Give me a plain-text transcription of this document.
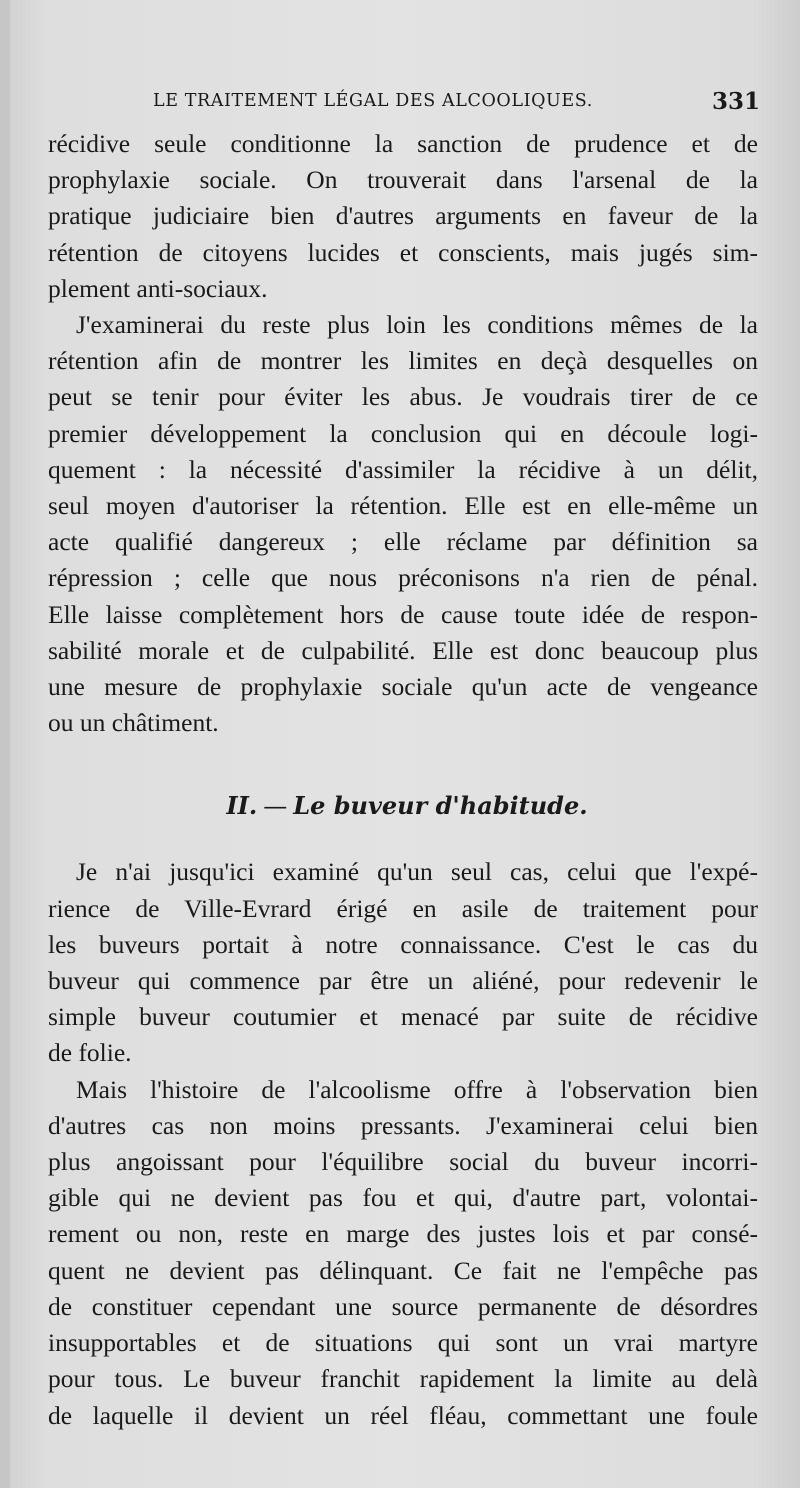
LE TRAITEMENT LÉGAL DES ALCOOLIQUES.	331

récidive seule conditionne la sanction de prudence et de

prophylaxie sociale. On trouverait dans l'arsenal de la

pratique judiciaire bien d'autres arguments en faveur de la

rétention de citoyens lucides et conscients, mais jugés sim-

plement anti-sociaux.

J'examinerai du reste plus loin les conditions mêmes de la

rétention afin de montrer les limites en deçà desquelles on

peut se tenir pour éviter les abus. Je voudrais tirer de ce

premier développement la conclusion qui en découle logi-

quement : la nécessité d'assimiler la récidive à un délit,

seul moyen d'autoriser la rétention. Elle est en elle-même un

acte qualifié dangereux ; elle réclame par définition sa

répression ; celle que nous préconisons n'a rien de pénal.

Elle laisse complètement hors de cause toute idée de respon-

sabilité morale et de culpabilité. Elle est donc beaucoup plus

une mesure de prophylaxie sociale qu'un acte de vengeance

ou un châtiment.

II. — Le buveur d'habitude.

Je n'ai jusqu'ici examiné qu'un seul cas, celui que l'expé-

rience de Ville-Evrard érigé en asile de traitement pour

les buveurs portait à notre connaissance. C'est le cas du

buveur qui commence par être un aliéné, pour redevenir le

simple buveur coutumier et menacé par suite de récidive

de folie.

Mais l'histoire de l'alcoolisme offre à l'observation bien

d'autres cas non moins pressants. J'examinerai celui bien

plus angoissant pour l'équilibre social du buveur incorri-

gible qui ne devient pas fou et qui, d'autre part, volontai-

rement ou non, reste en marge des justes lois et par consé-

quent ne devient pas délinquant. Ce fait ne l'empêche pas

de constituer cependant une source permanente de désordres

insupportables et de situations qui sont un vrai martyre

pour tous. Le buveur franchit rapidement la limite au delà

de laquelle il devient un réel fléau, commettant une foule
